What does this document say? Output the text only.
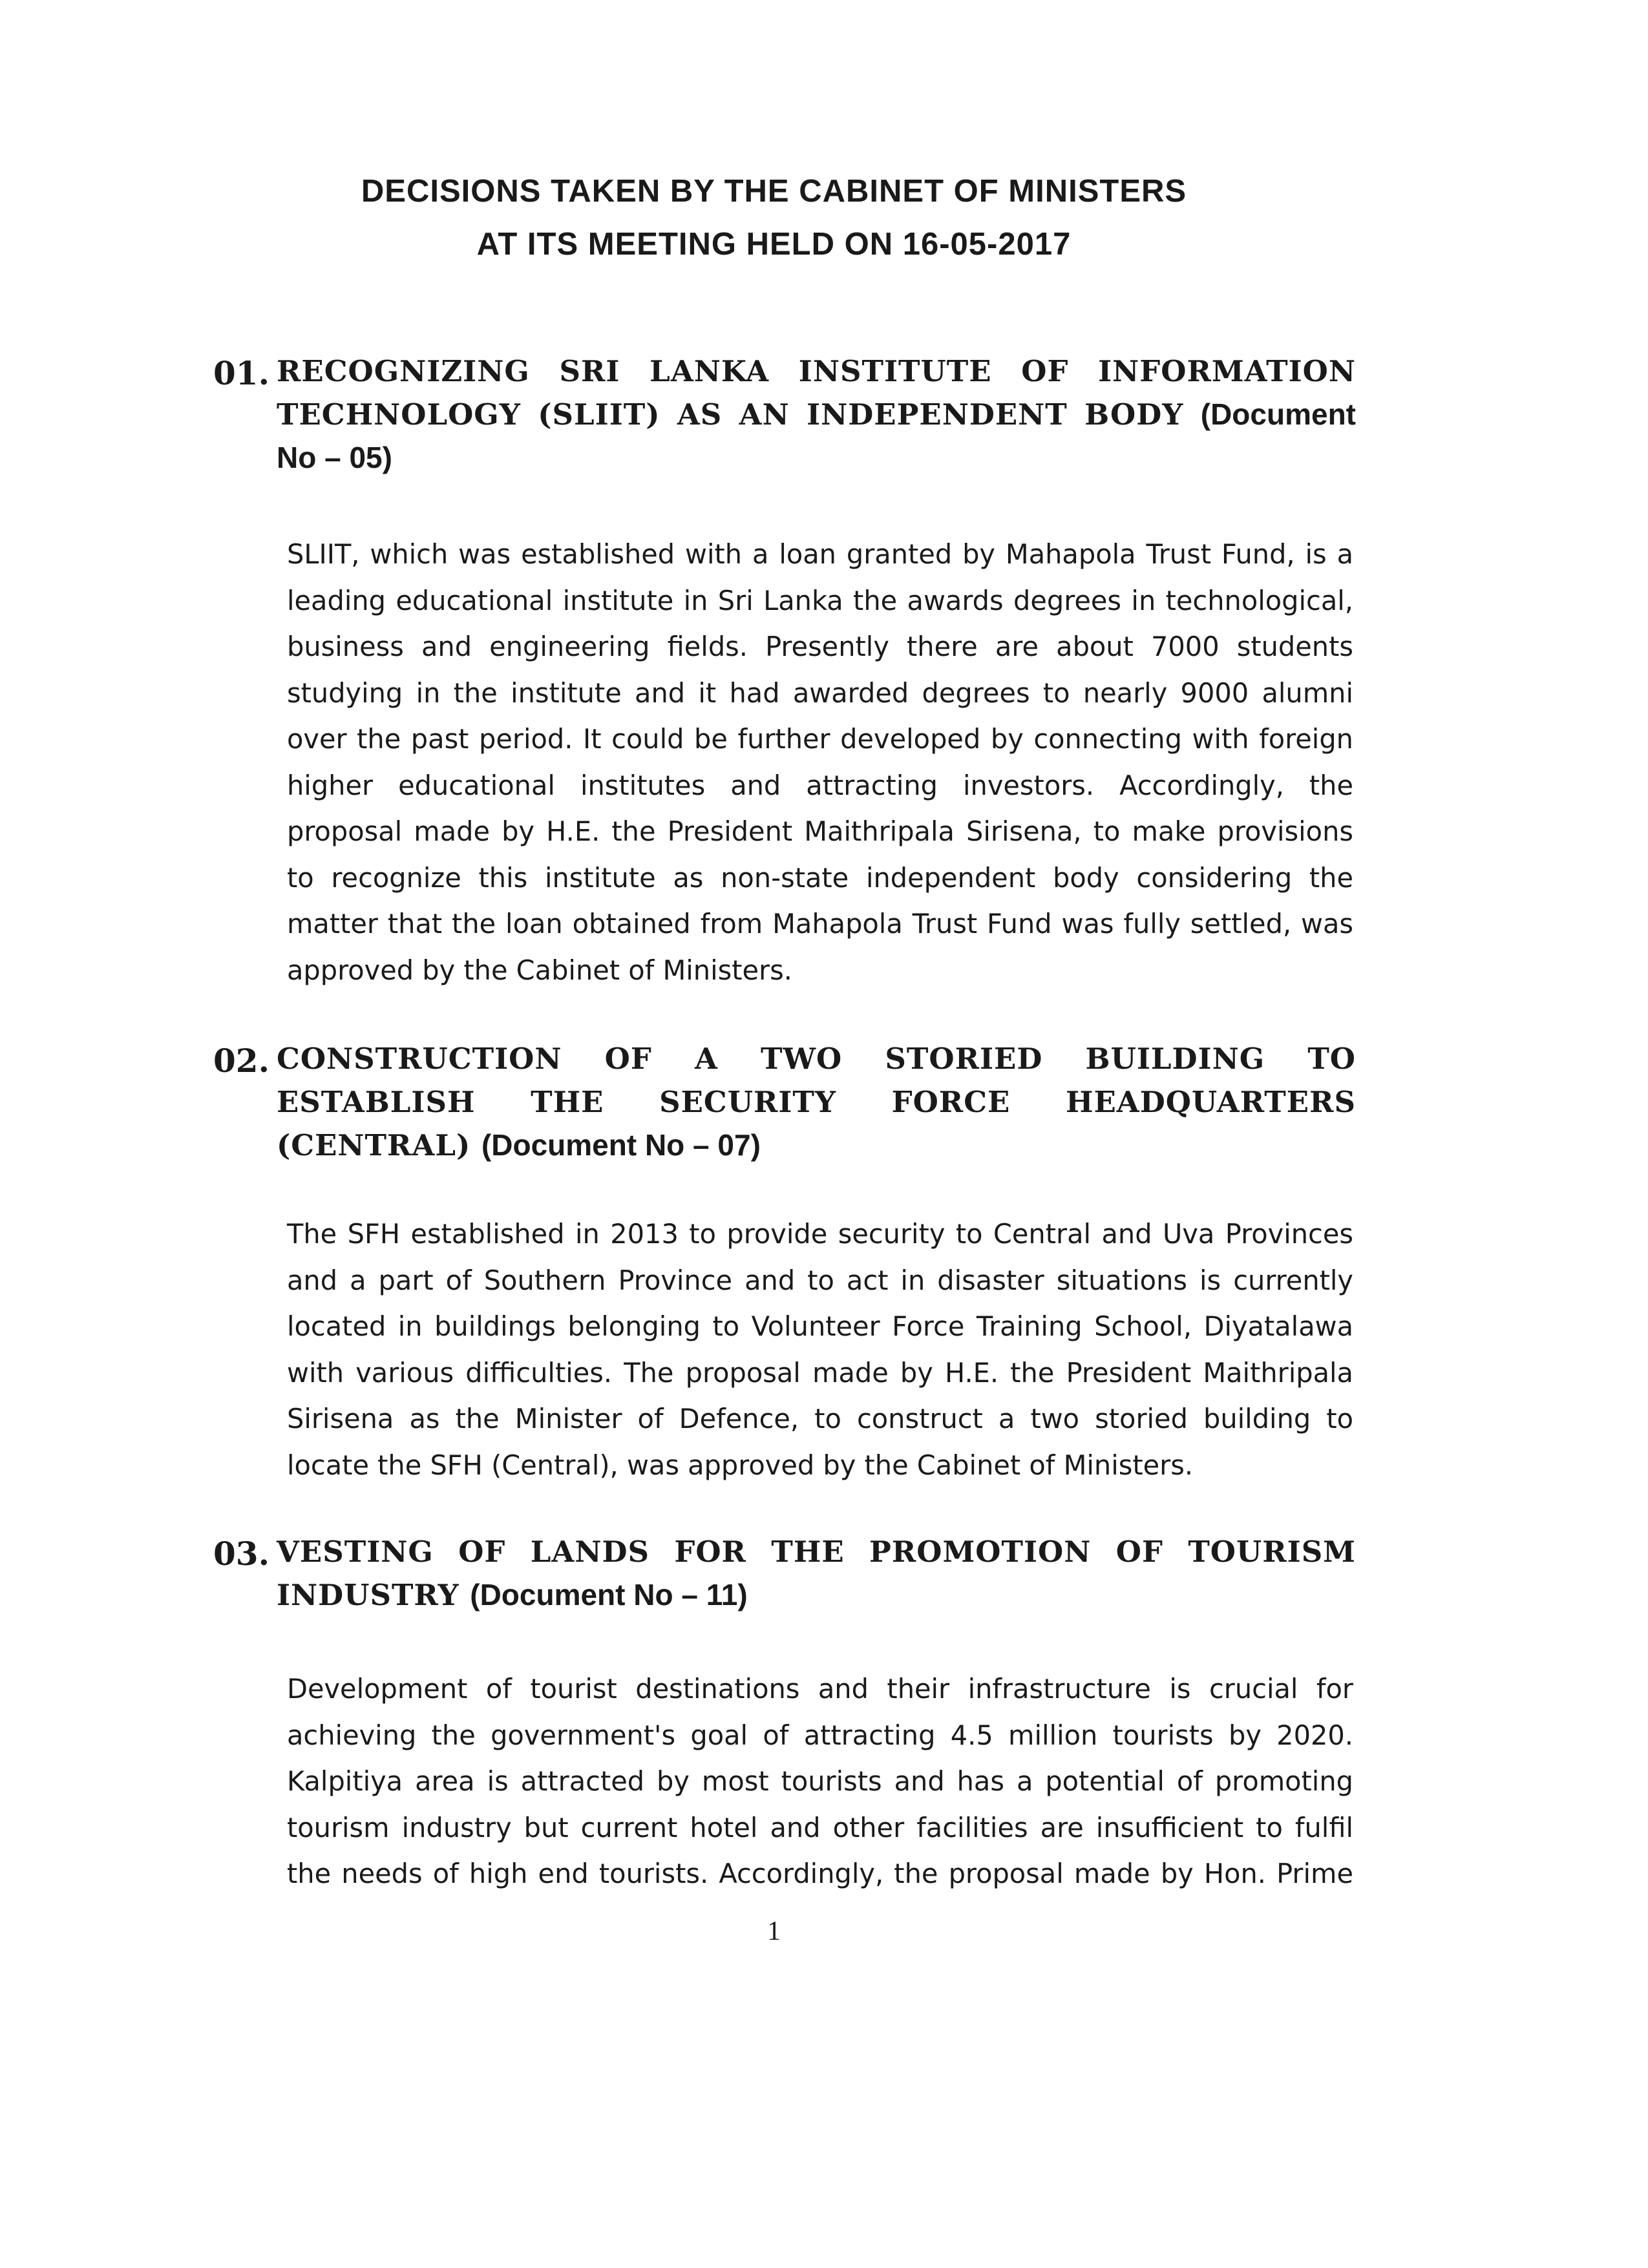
DECISIONS TAKEN BY THE CABINET OF MINISTERS
AT ITS MEETING HELD ON 16-05-2017
01. RECOGNIZING SRI LANKA INSTITUTE OF INFORMATION TECHNOLOGY (SLIIT) AS AN INDEPENDENT BODY (Document No – 05)
SLIIT, which was established with a loan granted by Mahapola Trust Fund, is a leading educational institute in Sri Lanka the awards degrees in technological, business and engineering fields. Presently there are about 7000 students studying in the institute and it had awarded degrees to nearly 9000 alumni over the past period. It could be further developed by connecting with foreign higher educational institutes and attracting investors. Accordingly, the proposal made by H.E. the President Maithripala Sirisena, to make provisions to recognize this institute as non-state independent body considering the matter that the loan obtained from Mahapola Trust Fund was fully settled, was approved by the Cabinet of Ministers.
02. CONSTRUCTION OF A TWO STORIED BUILDING TO ESTABLISH THE SECURITY FORCE HEADQUARTERS (CENTRAL) (Document No – 07)
The SFH established in 2013 to provide security to Central and Uva Provinces and a part of Southern Province and to act in disaster situations is currently located in buildings belonging to Volunteer Force Training School, Diyatalawa with various difficulties. The proposal made by H.E. the President Maithripala Sirisena as the Minister of Defence, to construct a two storied building to locate the SFH (Central), was approved by the Cabinet of Ministers.
03. VESTING OF LANDS FOR THE PROMOTION OF TOURISM INDUSTRY (Document No – 11)
Development of tourist destinations and their infrastructure is crucial for achieving the government's goal of attracting 4.5 million tourists by 2020. Kalpitiya area is attracted by most tourists and has a potential of promoting tourism industry but current hotel and other facilities are insufficient to fulfil the needs of high end tourists. Accordingly, the proposal made by Hon. Prime
1
